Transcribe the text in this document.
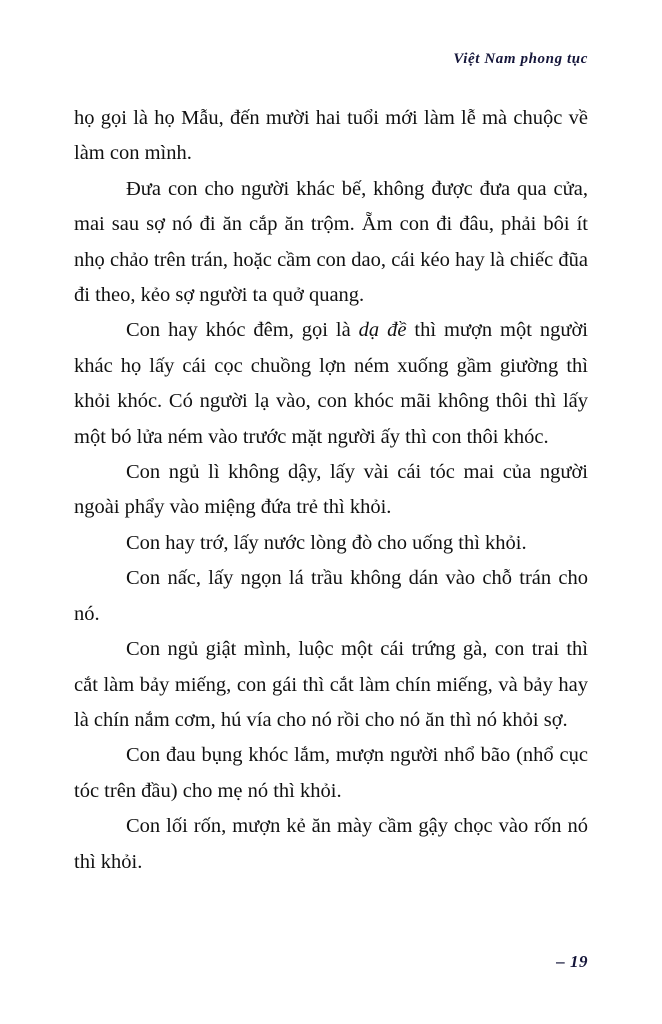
Việt Nam phong tục

họ gọi là họ Mẫu, đến mười hai tuổi mới làm lễ mà chuộc về làm con mình.

Đưa con cho người khác bế, không được đưa qua cửa, mai sau sợ nó đi ăn cắp ăn trộm. Ẵm con đi đâu, phải bôi ít nhọ chảo trên trán, hoặc cầm con dao, cái kéo hay là chiếc đũa đi theo, kẻo sợ người ta quở quang.

Con hay khóc đêm, gọi là dạ đề thì mượn một người khác họ lấy cái cọc chuồng lợn ném xuống gầm giường thì khỏi khóc. Có người lạ vào, con khóc mãi không thôi thì lấy một bó lửa ném vào trước mặt người ấy thì con thôi khóc.

Con ngủ lì không dậy, lấy vài cái tóc mai của người ngoài phẩy vào miệng đứa trẻ thì khỏi.

Con hay trớ, lấy nước lòng đò cho uống thì khỏi.

Con nấc, lấy ngọn lá trầu không dán vào chỗ trán cho nó.

Con ngủ giật mình, luộc một cái trứng gà, con trai thì cắt làm bảy miếng, con gái thì cắt làm chín miếng, và bảy hay là chín nắm cơm, hú vía cho nó rồi cho nó ăn thì nó khỏi sợ.

Con đau bụng khóc lắm, mượn người nhổ bão (nhổ cục tóc trên đầu) cho mẹ nó thì khỏi.

Con lối rốn, mượn kẻ ăn mày cầm gậy chọc vào rốn nó thì khỏi.

– 19
